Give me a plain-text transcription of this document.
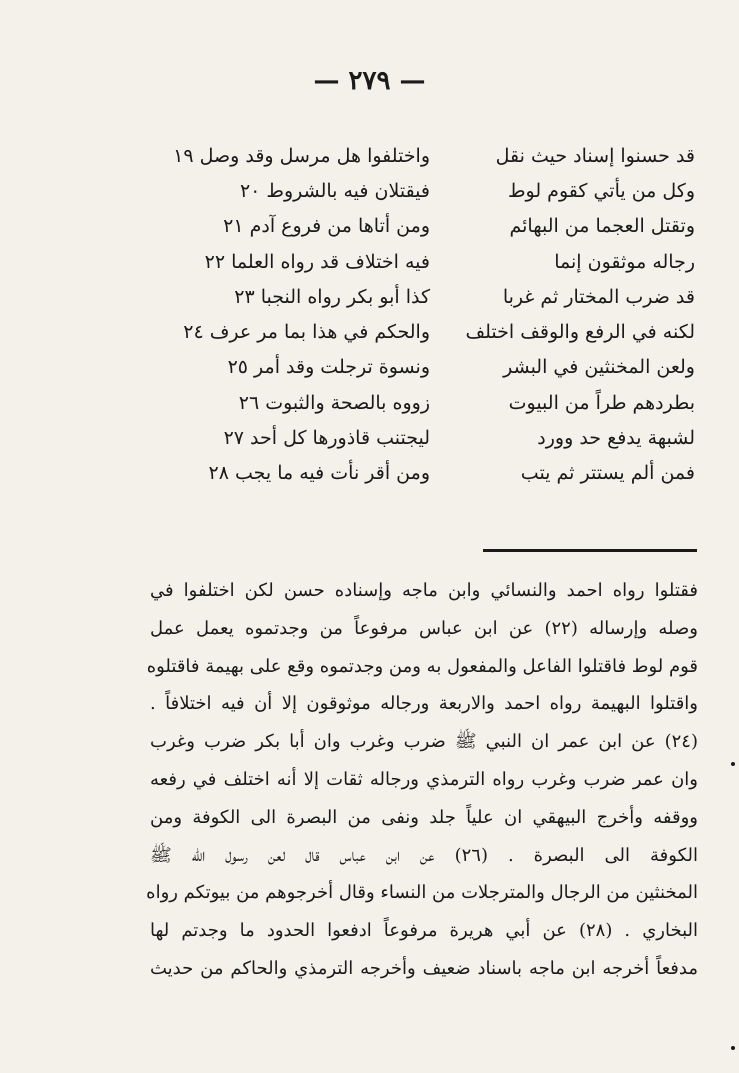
— ٢٧٩ —
قد حسنوا إسناد حيث نقل
واختلفوا هل مرسل وقد وصل ١٩
وكل من يأتي كقوم لوط
فيقتلان فيه بالشروط ٢٠
وتقتل العجما من البهائم
ومن أتاها من فروع آدم ٢١
رجاله موثقون إنما
فيه اختلاف قد رواه العلما ٢٢
قد ضرب المختار ثم غربا
كذا أبو بكر رواه النجبا ٢٣
لكنه في الرفع والوقف اختلف
والحكم في هذا بما مر عرف ٢٤
ولعن المخنثين في البشر
ونسوة ترجلت وقد أمر ٢٥
بطردهم طراً من البيوت
زووه بالصحة والثبوت ٢٦
لشبهة يدفع حد وورد
ليجتنب قاذورها كل أحد ٢٧
فمن ألم يستتر ثم يتب
ومن أقر نأت فيه ما يجب ٢٨
فقتلوا رواه احمد والنسائي وابن ماجه وإسناده حسن لكن اختلفوا في
وصله وإرساله (٢٢) عن ابن عباس مرفوعاً من وجدتموه يعمل عمل
قوم لوط فاقتلوا الفاعل والمفعول به ومن وجدتموه وقع على بهيمة فاقتلوه
واقتلوا البهيمة رواه احمد والاربعة ورجاله موثوقون إلا أن فيه اختلافاً .
(٢٤) عن ابن عمر ان النبي ﷺ ضرب وغرب وان أبا بكر ضرب وغرب
وان عمر ضرب وغرب رواه الترمذي ورجاله ثقات إلا أنه اختلف في رفعه
ووقفه وأخرج البيهقي ان علياً جلد ونفى من البصرة الى الكوفة ومن
الكوفة الى البصرة . (٢٦) عن ابن عباس قال لعن رسول الله ﷺ
المخنثين من الرجال والمترجلات من النساء وقال أخرجوهم من بيوتكم رواه
البخاري . (٢٨) عن أبي هريرة مرفوعاً ادفعوا الحدود ما وجدتم لها
مدفعاً أخرجه ابن ماجه باسناد ضعيف وأخرجه الترمذي والحاكم من حديث
